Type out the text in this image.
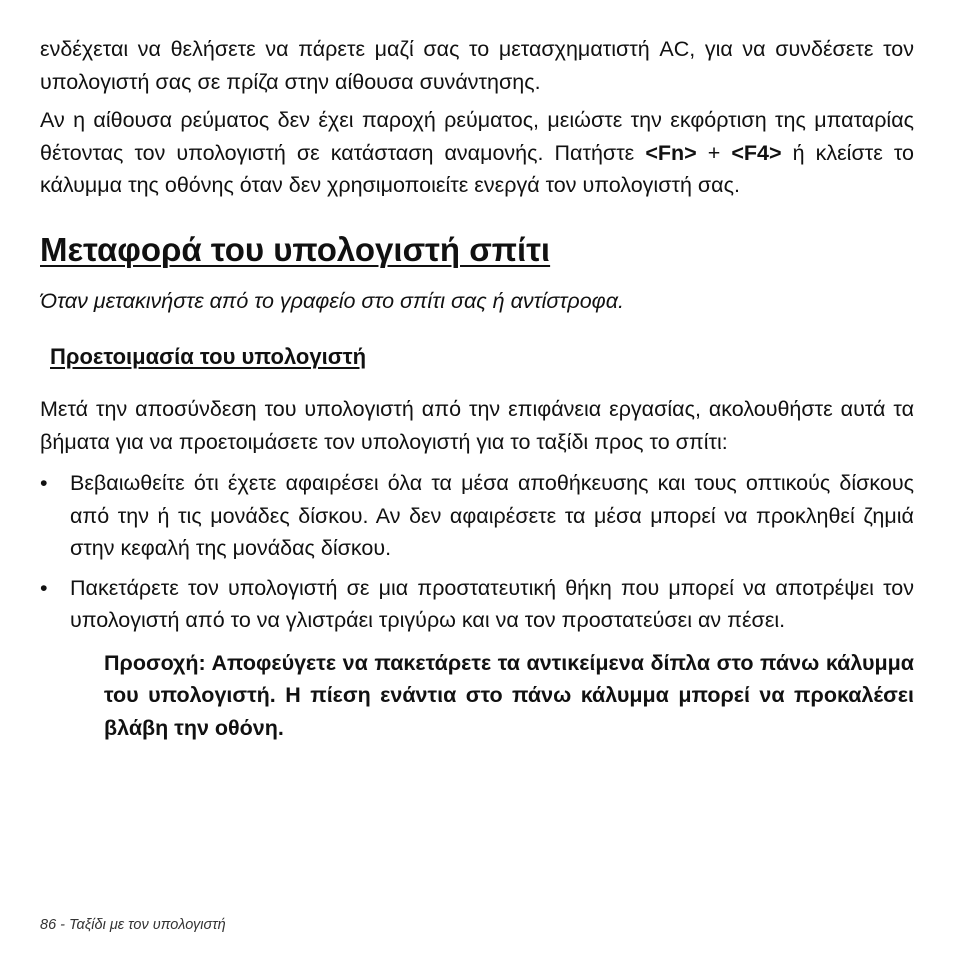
ενδέχεται να θελήσετε να πάρετε μαζί σας το μετασχηματιστή AC, για να συνδέσετε τον υπολογιστή σας σε πρίζα στην αίθουσα συνάντησης.

Αν η αίθουσα ρεύματος δεν έχει παροχή ρεύματος, μειώστε την εκφόρτιση της μπαταρίας θέτοντας τον υπολογιστή σε κατάσταση αναμονής. Πατήστε <Fn> + <F4> ή κλείστε το κάλυμμα της οθόνης όταν δεν χρησιμοποιείτε ενεργά τον υπολογιστή σας.

Μεταφορά του υπολογιστή σπίτι

Όταν μετακινήστε από το γραφείο στο σπίτι σας ή αντίστροφα.

Προετοιμασία του υπολογιστή

Μετά την αποσύνδεση του υπολογιστή από την επιφάνεια εργασίας, ακολουθήστε αυτά τα βήματα για να προετοιμάσετε τον υπολογιστή για το ταξίδι προς το σπίτι:

• Βεβαιωθείτε ότι έχετε αφαιρέσει όλα τα μέσα αποθήκευσης και τους οπτικούς δίσκους από την ή τις μονάδες δίσκου. Αν δεν αφαιρέσετε τα μέσα μπορεί να προκληθεί ζημιά στην κεφαλή της μονάδας δίσκου.

• Πακετάρετε τον υπολογιστή σε μια προστατευτική θήκη που μπορεί να αποτρέψει τον υπολογιστή από το να γλιστράει τριγύρω και να τον προστατεύσει αν πέσει.

Προσοχή: Αποφεύγετε να πακετάρετε τα αντικείμενα δίπλα στο πάνω κάλυμμα του υπολογιστή. Η πίεση ενάντια στο πάνω κάλυμμα μπορεί να προκαλέσει βλάβη την οθόνη.
86 - Ταξίδι με τον υπολογιστή
